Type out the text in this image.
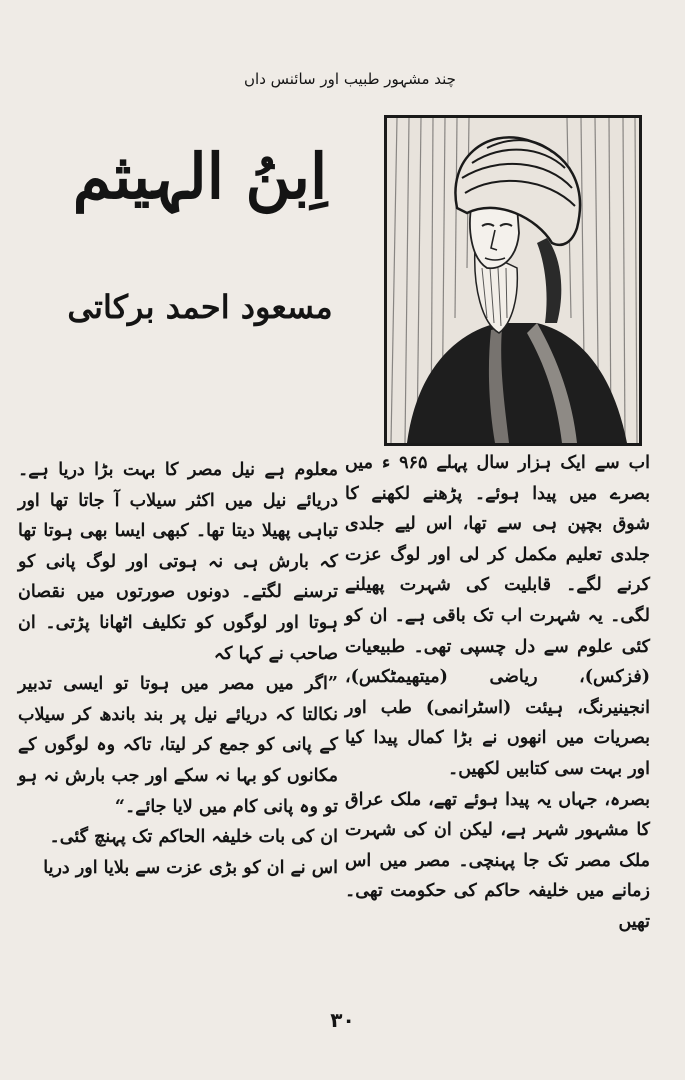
چند مشہور طبیب اور سائنس داں
اِبنُ الہیثم
مسعود احمد برکاتی

اب سے ایک ہزار سال پہلے ۹۶۵ ء میں بصرے میں پیدا ہوئے۔ پڑھنے لکھنے کا شوق بچپن ہی سے تھا، اس لیے جلدی جلدی تعلیم مکمل کر لی اور لوگ عزت کرنے لگے۔ قابلیت کی شہرت پھیلنے لگی۔ یہ شہرت اب تک باقی ہے۔ ان کو کئی علوم سے دل چسپی تھی۔ طبیعیات (فزکس)، ریاضی (میتھیمٹکس)، انجینیرنگ، ہیئت (اسٹرانمی) طب اور بصریات میں انھوں نے بڑا کمال پیدا کیا اور بہت سی کتابیں لکھیں۔

بصرہ، جہاں یہ پیدا ہوئے تھے، ملک عراق کا مشہور شہر ہے، لیکن ان کی شہرت ملک مصر تک جا پہنچی۔ مصر میں اس زمانے میں خلیفہ حاکم کی حکومت تھی۔ تھیں

معلوم ہے نیل مصر کا بہت بڑا دریا ہے۔ دریائے نیل میں اکثر سیلاب آ جاتا تھا اور تباہی پھیلا دیتا تھا۔ کبھی ایسا بھی ہوتا تھا کہ بارش ہی نہ ہوتی اور لوگ پانی کو ترسنے لگتے۔ دونوں صورتوں میں نقصان ہوتا اور لوگوں کو تکلیف اٹھانا پڑتی۔ ان صاحب نے کہا کہ

”اگر میں مصر میں ہوتا تو ایسی تدبیر نکالتا کہ دریائے نیل پر بند باندھ کر سیلاب کے پانی کو جمع کر لیتا، تاکہ وہ لوگوں کے مکانوں کو بہا نہ سکے اور جب بارش نہ ہو تو وہ پانی کام میں لایا جائے۔“

ان کی بات خلیفہ الحاکم تک پہنچ گئی۔

اس نے ان کو بڑی عزت سے بلایا اور دریا

۳۰
